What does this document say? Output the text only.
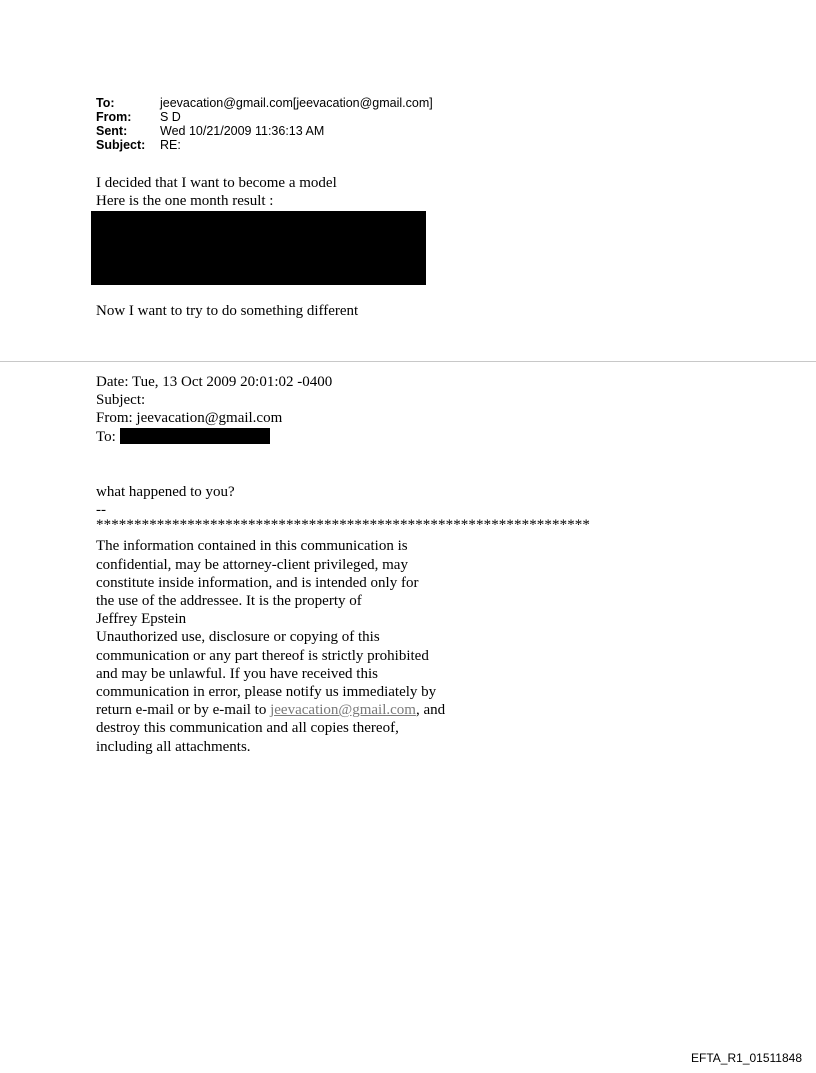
To:	jeevacation@gmail.com[jeevacation@gmail.com]
From:	S D
Sent:	Wed 10/21/2009 11:36:13 AM
Subject:	RE:
I decided that I want to become a model
Here is the one month result :
Now I want to try to do something different
Date: Tue, 13 Oct 2009 20:01:02 -0400
Subject:
From: jeevacation@gmail.com
To:
what happened to you?
--
*****************************************************************
The information contained in this communication is
confidential, may be attorney-client privileged, may
constitute inside information, and is intended only for
the use of the addressee. It is the property of
Jeffrey Epstein
Unauthorized use, disclosure or copying of this
communication or any part thereof is strictly prohibited
and may be unlawful. If you have received this
communication in error, please notify us immediately by
return e-mail or by e-mail to jeevacation@gmail.com, and
destroy this communication and all copies thereof,
including all attachments.
EFTA_R1_01511848
